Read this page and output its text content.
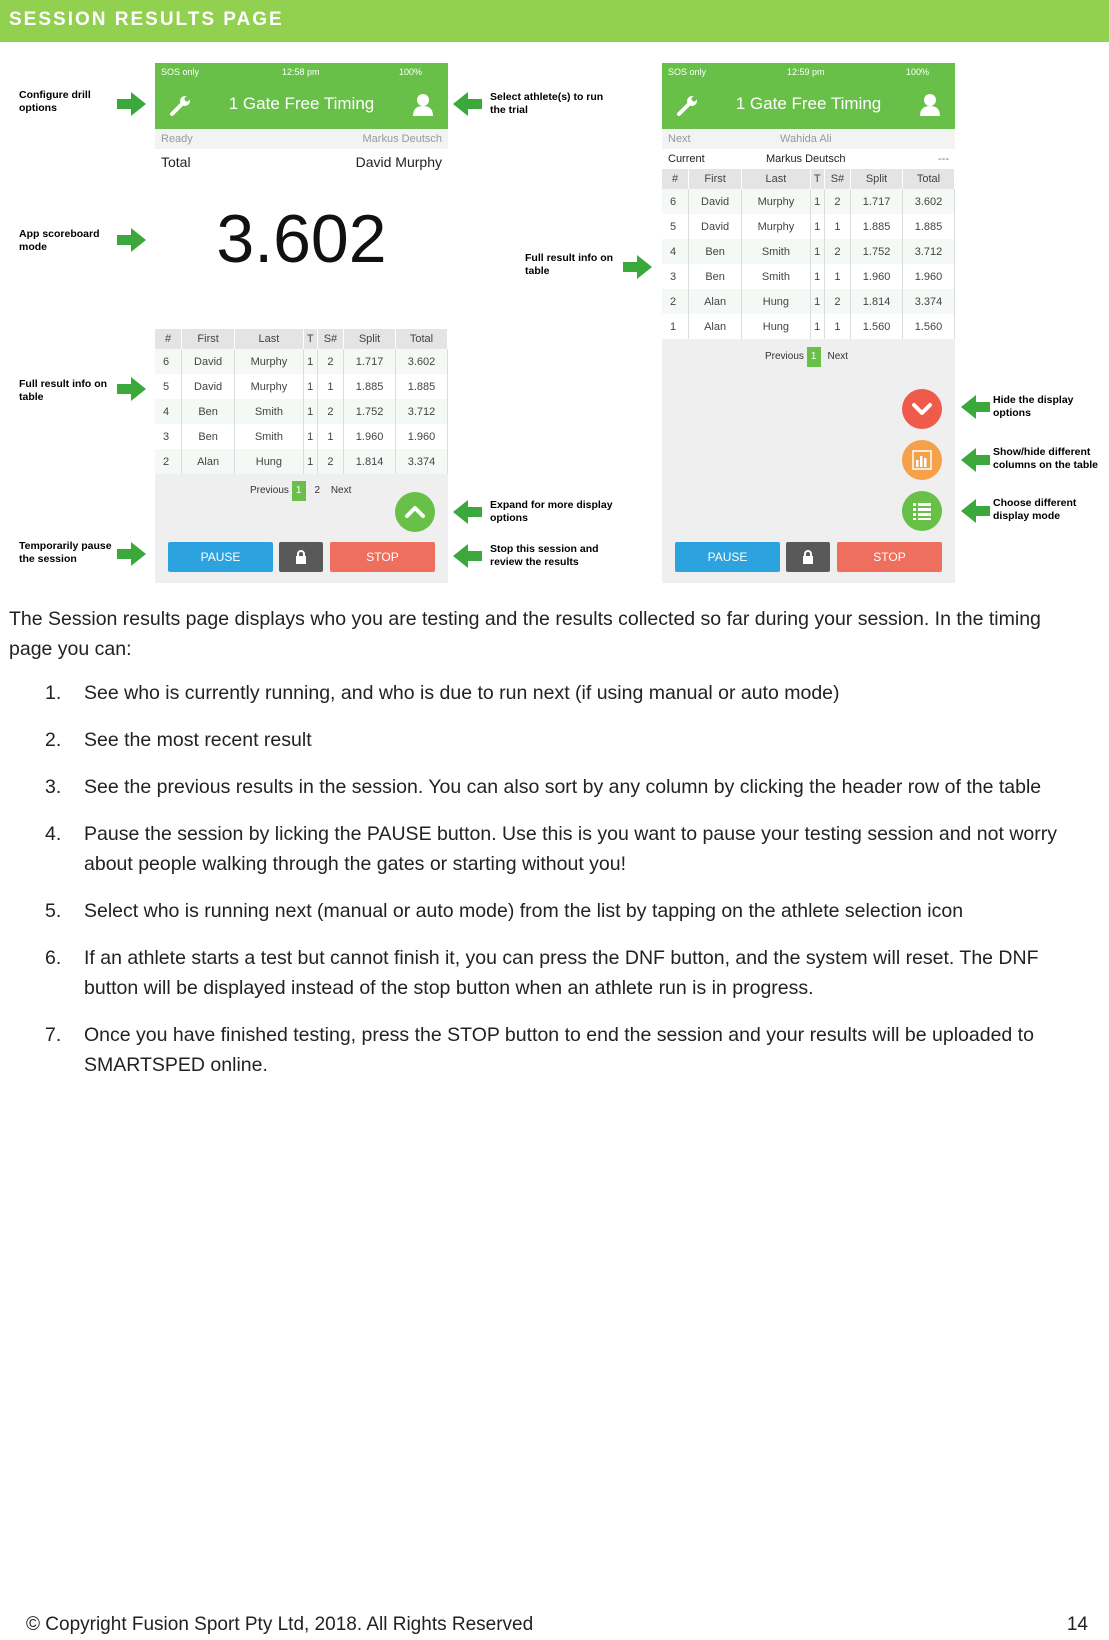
SESSION RESULTS PAGE
SOS only	12:58 pm	100%
1 Gate Free Timing
Ready	Markus Deutsch
Total	David Murphy
3.602
#	First	Last	T	S#	Split	Total
6	David	Murphy	1	2	1.717	3.602
5	David	Murphy	1	1	1.885	1.885
4	Ben	Smith	1	2	1.752	3.712
3	Ben	Smith	1	1	1.960	1.960
2	Alan	Hung	1	2	1.814	3.374
Previous 1 2 Next
PAUSE	STOP
SOS only	12:59 pm	100%
1 Gate Free Timing
Next	Wahida Ali
Current	Markus Deutsch	---
#	First	Last	T	S#	Split	Total
6	David	Murphy	1	2	1.717	3.602
5	David	Murphy	1	1	1.885	1.885
4	Ben	Smith	1	2	1.752	3.712
3	Ben	Smith	1	1	1.960	1.960
2	Alan	Hung	1	2	1.814	3.374
1	Alan	Hung	1	1	1.560	1.560
Previous 1 Next
PAUSE	STOP
Configure drill options
App scoreboard mode
Full result info on table
Temporarily pause the session
Select athlete(s) to run the trial
Full result info on table
Expand for more display options
Stop this session and review the results
Hide the display options
Show/hide different columns on the table
Choose different display mode
The Session results page displays who you are testing and the results collected so far during your session. In the timing page you can:
1. See who is currently running, and who is due to run next (if using manual or auto mode)
2. See the most recent result
3. See the previous results in the session. You can also sort by any column by clicking the header row of the table
4. Pause the session by licking the PAUSE button. Use this is you want to pause your testing session and not worry about people walking through the gates or starting without you!
5. Select who is running next (manual or auto mode) from the list by tapping on the athlete selection icon
6. If an athlete starts a test but cannot finish it, you can press the DNF button, and the system will reset. The DNF button will be displayed instead of the stop button when an athlete run is in progress.
7. Once you have finished testing, press the STOP button to end the session and your results will be uploaded to SMARTSPED online.
© Copyright Fusion Sport Pty Ltd, 2018. All Rights Reserved	14
